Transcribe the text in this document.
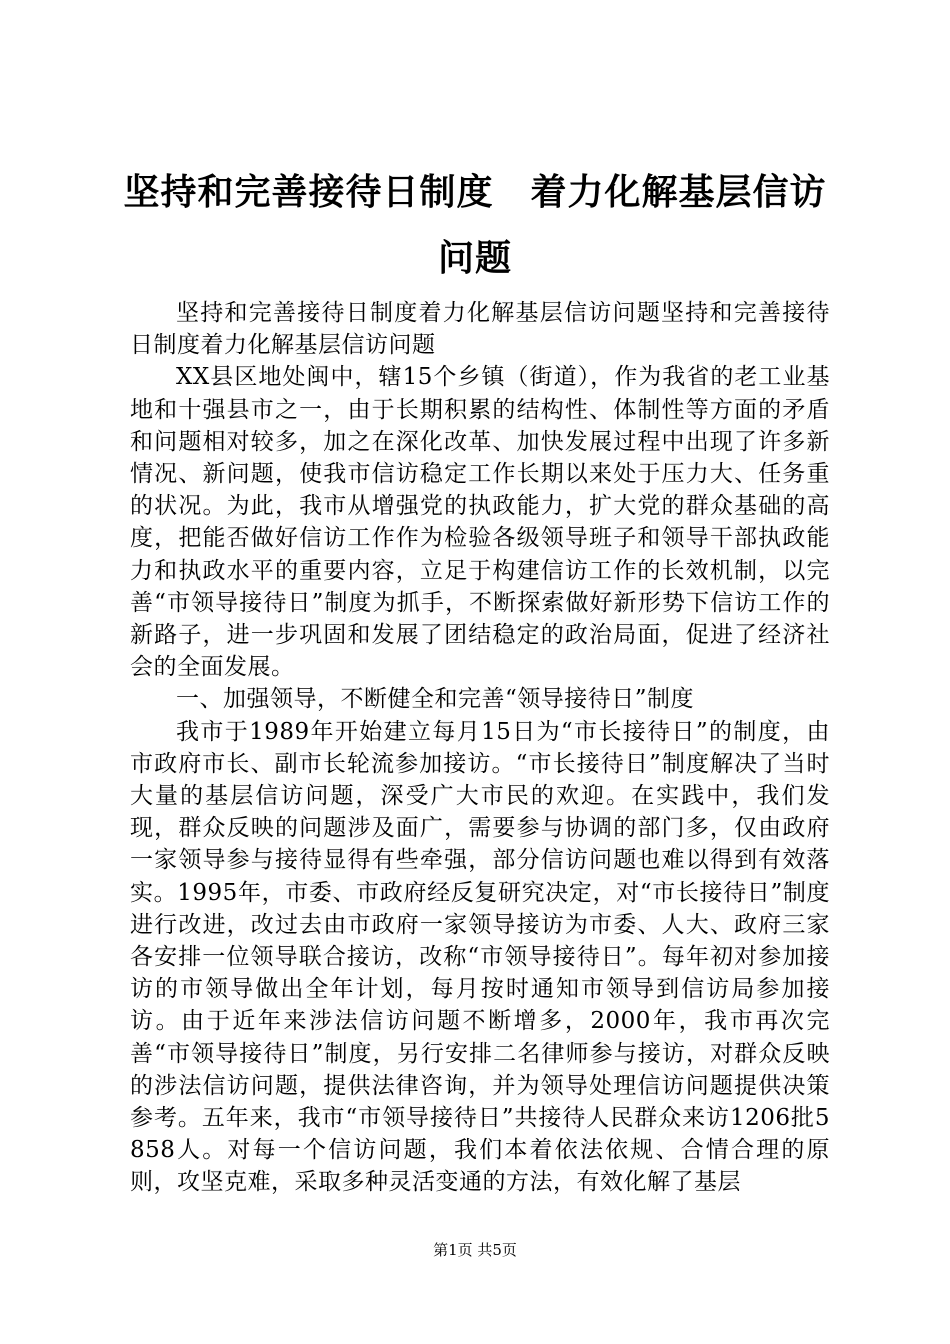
坚持和完善接待日制度　着力化解基层信访问题

坚持和完善接待日制度着力化解基层信访问题坚持和完善接待日制度着力化解基层信访问题

XX县区地处闽中，辖15个乡镇（街道），作为我省的老工业基地和十强县市之一，由于长期积累的结构性、体制性等方面的矛盾和问题相对较多，加之在深化改革、加快发展过程中出现了许多新情况、新问题，使我市信访稳定工作长期以来处于压力大、任务重的状况。为此，我市从增强党的执政能力，扩大党的群众基础的高度，把能否做好信访工作作为检验各级领导班子和领导干部执政能力和执政水平的重要内容，立足于构建信访工作的长效机制，以完善“市领导接待日”制度为抓手，不断探索做好新形势下信访工作的新路子，进一步巩固和发展了团结稳定的政治局面，促进了经济社会的全面发展。

一、加强领导，不断健全和完善“领导接待日”制度

我市于1989年开始建立每月15日为“市长接待日”的制度，由市政府市长、副市长轮流参加接访。“市长接待日”制度解决了当时大量的基层信访问题，深受广大市民的欢迎。在实践中，我们发现，群众反映的问题涉及面广，需要参与协调的部门多，仅由政府一家领导参与接待显得有些牵强，部分信访问题也难以得到有效落实。1995年，市委、市政府经反复研究决定，对“市长接待日”制度进行改进，改过去由市政府一家领导接访为市委、人大、政府三家各安排一位领导联合接访，改称“市领导接待日”。每年初对参加接访的市领导做出全年计划，每月按时通知市领导到信访局参加接访。由于近年来涉法信访问题不断增多，2000年，我市再次完善“市领导接待日”制度，另行安排二名律师参与接访，对群众反映的涉法信访问题，提供法律咨询，并为领导处理信访问题提供决策参考。五年来，我市“市领导接待日”共接待人民群众来访1206批5858人。对每一个信访问题，我们本着依法依规、合情合理的原则，攻坚克难，采取多种灵活变通的方法，有效化解了基层

第1页 共5页
